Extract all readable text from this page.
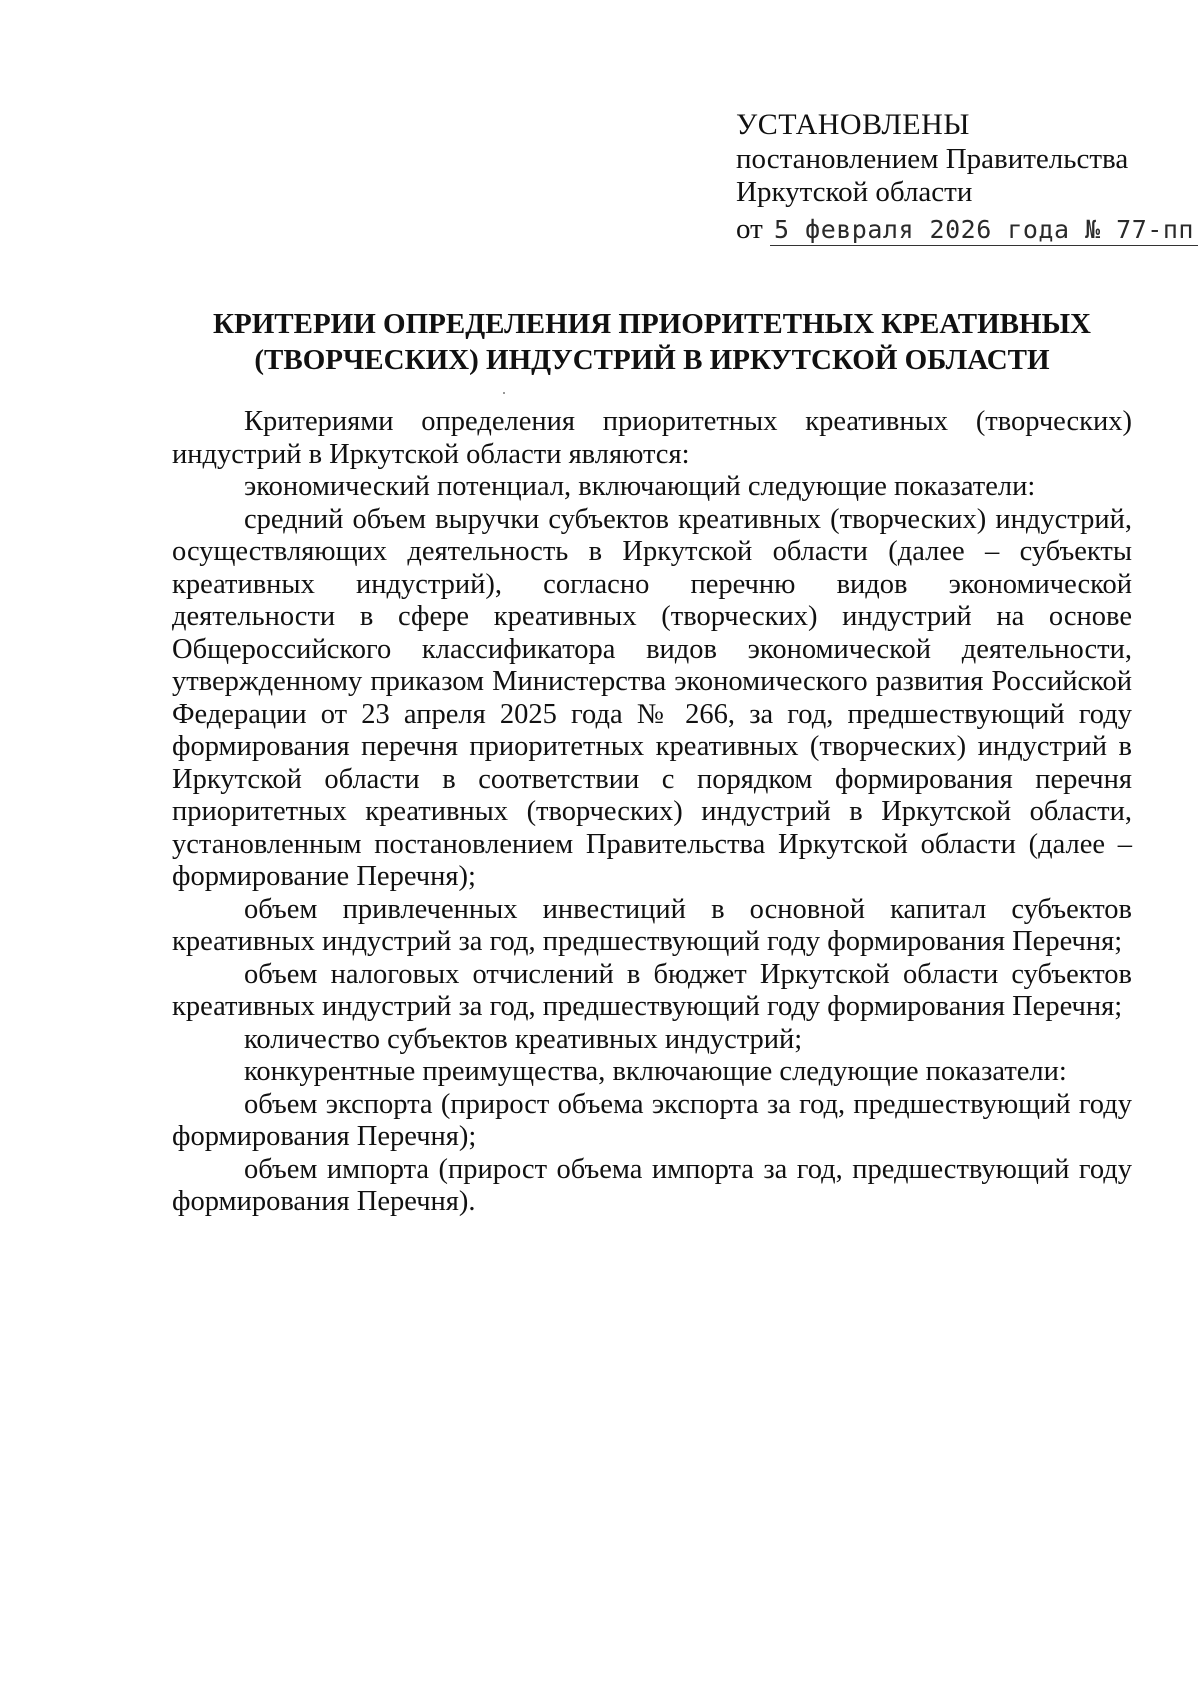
УСТАНОВЛЕНЫ
постановлением Правительства
Иркутской области
от 5 февраля 2026 года № 77-пп
КРИТЕРИИ ОПРЕДЕЛЕНИЯ ПРИОРИТЕТНЫХ КРЕАТИВНЫХ
(ТВОРЧЕСКИХ) ИНДУСТРИЙ В ИРКУТСКОЙ ОБЛАСТИ

Критериями определения приоритетных креативных (творческих) индустрий в Иркутской области являются:

экономический потенциал, включающий следующие показатели:

средний объем выручки субъектов креативных (творческих) индустрий, осуществляющих деятельность в Иркутской области (далее – субъекты креативных индустрий), согласно перечню видов экономической деятельности в сфере креативных (творческих) индустрий на основе Общероссийского классификатора видов экономической деятельности, утвержденному приказом Министерства экономического развития Российской Федерации от 23 апреля 2025 года № 266, за год, предшествующий году формирования перечня приоритетных креативных (творческих) индустрий в Иркутской области в соответствии с порядком формирования перечня приоритетных креативных (творческих) индустрий в Иркутской области, установленным постановлением Правительства Иркутской области (далее – формирование Перечня);

объем привлеченных инвестиций в основной капитал субъектов креативных индустрий за год, предшествующий году формирования Перечня;

объем налоговых отчислений в бюджет Иркутской области субъектов креативных индустрий за год, предшествующий году формирования Перечня;

количество субъектов креативных индустрий;

конкурентные преимущества, включающие следующие показатели:

объем экспорта (прирост объема экспорта за год, предшествующий году формирования Перечня);

объем импорта (прирост объема импорта за год, предшествующий году формирования Перечня).
